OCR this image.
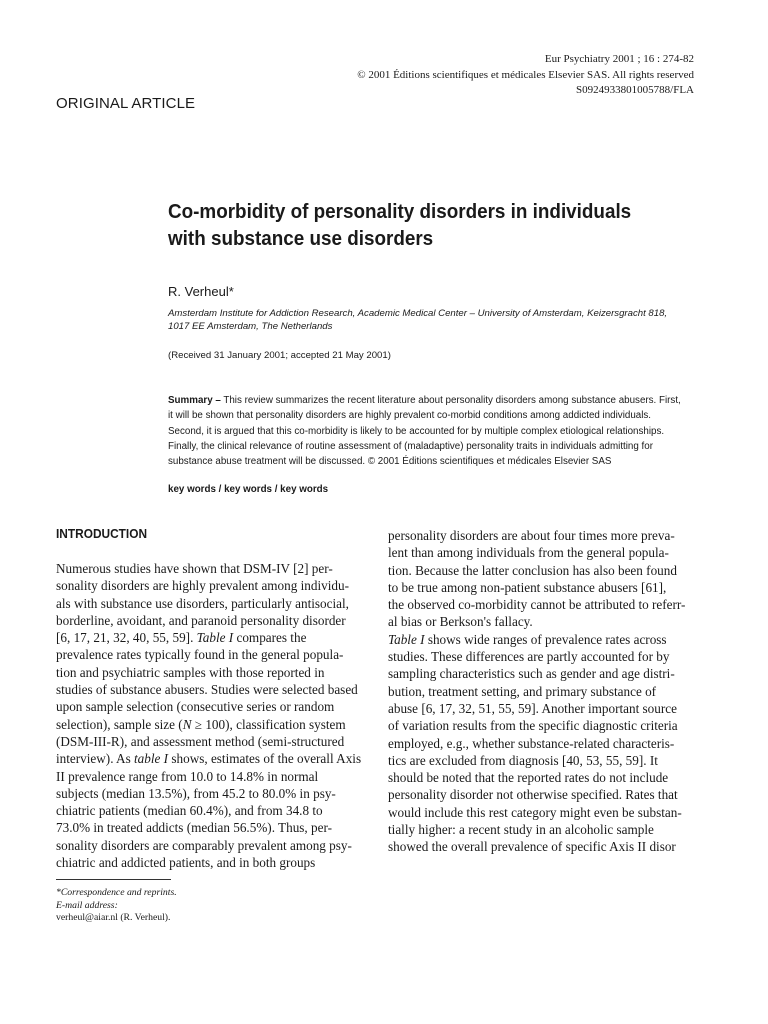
Eur Psychiatry 2001 ; 16 : 274-82
© 2001 Éditions scientifiques et médicales Elsevier SAS. All rights reserved
S0924933801005788/FLA
ORIGINAL ARTICLE
Co-morbidity of personality disorders in individuals
with substance use disorders
R. Verheul*
Amsterdam Institute for Addiction Research, Academic Medical Center – University of Amsterdam, Keizersgracht 818,
1017 EE Amsterdam, The Netherlands
(Received 31 January 2001; accepted 21 May 2001)
Summary – This review summarizes the recent literature about personality disorders among substance abusers. First,
it will be shown that personality disorders are highly prevalent co-morbid conditions among addicted individuals.
Second, it is argued that this co-morbidity is likely to be accounted for by multiple complex etiological relationships.
Finally, the clinical relevance of routine assessment of (maladaptive) personality traits in individuals admitting for
substance abuse treatment will be discussed. © 2001 Éditions scientifiques et médicales Elsevier SAS
key words / key words / key words
INTRODUCTION
Numerous studies have shown that DSM-IV [2] per-
sonality disorders are highly prevalent among individu-
als with substance use disorders, particularly antisocial,
borderline, avoidant, and paranoid personality disorder
[6, 17, 21, 32, 40, 55, 59]. Table I compares the
prevalence rates typically found in the general popula-
tion and psychiatric samples with those reported in
studies of substance abusers. Studies were selected based
upon sample selection (consecutive series or random
selection), sample size (N ≥ 100), classification system
(DSM-III-R), and assessment method (semi-structured
interview). As table I shows, estimates of the overall Axis
II prevalence range from 10.0 to 14.8% in normal
subjects (median 13.5%), from 45.2 to 80.0% in psy-
chiatric patients (median 60.4%), and from 34.8 to
73.0% in treated addicts (median 56.5%). Thus, per-
sonality disorders are comparably prevalent among psy-
chiatric and addicted patients, and in both groups
personality disorders are about four times more preva-
lent than among individuals from the general popula-
tion. Because the latter conclusion has also been found
to be true among non-patient substance abusers [61],
the observed co-morbidity cannot be attributed to referr-
al bias or Berkson's fallacy.
Table I shows wide ranges of prevalence rates across
studies. These differences are partly accounted for by
sampling characteristics such as gender and age distri-
bution, treatment setting, and primary substance of
abuse [6, 17, 32, 51, 55, 59]. Another important source
of variation results from the specific diagnostic criteria
employed, e.g., whether substance-related characteris-
tics are excluded from diagnosis [40, 53, 55, 59]. It
should be noted that the reported rates do not include
personality disorder not otherwise specified. Rates that
would include this rest category might even be substan-
tially higher: a recent study in an alcoholic sample
showed the overall prevalence of specific Axis II disor
*Correspondence and reprints.
E-mail address:
verheul@aiar.nl (R. Verheul).
